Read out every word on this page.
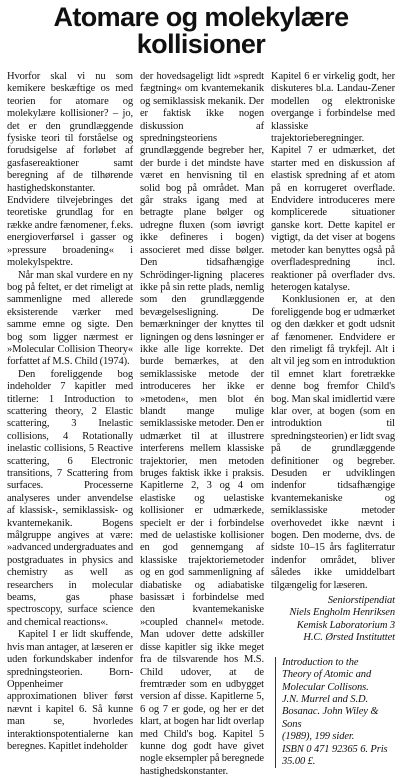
Atomare og molekylære kollisioner

Hvorfor skal vi nu som kemikere beskæftige os med teorien for atomare og molekylære kollisioner? – jo, det er den grundlæggende fysiske teori til forståelse og forudsigelse af forløbet af gasfasereaktioner samt beregning af de tilhørende hastighedskonstanter. Endvidere tilvejebringes det teoretiske grundlag for en række andre fænomener, f.eks. energioverførsel i gasser og »pressure broadening« i molekylspektre.

Når man skal vurdere en ny bog på feltet, er det rimeligt at sammenligne med allerede eksisterende værker med samme emne og sigte. Den bog som ligger nærmest er »Molecular Collision Theory« forfattet af M.S. Child (1974).

Den foreliggende bog indeholder 7 kapitler med titlerne: 1 Introduction to scattering theory, 2 Elastic scattering, 3 Inelastic collisions, 4 Rotationally inelastic collisions, 5 Reactive scattering, 6 Electronic transitions, 7 Scattering from surfaces. Processerne analyseres under anvendelse af klassisk-, semiklassisk- og kvantemekanik. Bogens målgruppe angives at være: »advanced undergraduates and postgraduates in physics and chemistry as well as researchers in molecular beams, gas phase spectroscopy, surface science and chemical reactions«.

Kapitel I er lidt skuffende, hvis man antager, at læseren er uden forkundskaber indenfor spredningsteorien. Born-Oppenheimer approximationen bliver først nævnt i kapitel 6. Så kunne man se, hvorledes interaktionspotentialerne kan beregnes. Kapitlet indeholder

der hovedsageligt lidt »spredt fægtning« om kvantemekanik og semiklassisk mekanik. Der er faktisk ikke nogen diskussion af spredningsteoriens grundlæggende begreber her, der burde i det mindste have været en henvisning til en solid bog på området. Man går straks igang med at betragte plane bølger og udregne fluxen (som iøvrigt ikke defineres i bogen) associeret med disse bølger. Den tidsafhængige Schrödinger-ligning placeres ikke på sin rette plads, nemlig som den grundlæggende bevægelsesligning. De bemærkninger der knyttes til ligningen og dens løsninger er ikke alle lige korrekte. Det burde bemærkes, at den semiklassiske metode der introduceres her ikke er »metoden«, men blot én blandt mange mulige semiklassiske metoder. Den er udmærket til at illustrere interferens mellem klassiske trajektorier, men metoden bruges faktisk ikke i praksis. Kapitlerne 2, 3 og 4 om elastiske og uelastiske kollisioner er udmærkede, specielt er der i forbindelse med de uelastiske kollisioner en god gennemgang af klassiske trajektoriemetoder og en god sammenligning af diabatiske og adiabatiske basissæt i forbindelse med den kvantemekaniske »coupled channel« metode. Man udover dette adskiller disse kapitler sig ikke meget fra de tilsvarende hos M.S. Child udover, at de fremtræder som en udbygget version af disse. Kapitlerne 5, 6 og 7 er gode, og her er det klart, at bogen har lidt overlap med Child's bog. Kapitel 5 kunne dog godt have givet nogle eksempler på beregnede hastighedskonstanter.

Kapitel 6 er virkelig godt, her diskuteres bl.a. Landau-Zener modellen og elektroniske overgange i forbindelse med klassiske trajektorieberegninger. Kapitel 7 er udmærket, det starter med en diskussion af elastisk spredning af et atom på en korrugeret overflade. Endvidere introduceres mere komplicerede situationer ganske kort. Dette kapitel er vigtigt, da det viser at bogens metoder kan benyttes også på overfladespredning incl. reaktioner på overflader dvs. heterogen katalyse.

Konklusionen er, at den foreliggende bog er udmærket og den dækker et godt udsnit af fænomener. Endvidere er den rimeligt få trykfejl. Alt i alt vil jeg som en introduktion til emnet klart foretrække denne bog fremfor Child's bog. Man skal imidlertid være klar over, at bogen (som en introduktion til spredningsteorien) er lidt svag på de grundlæggende definitioner og begreber. Desuden er udviklingen indenfor tidsafhængige kvantemekaniske og semiklassiske metoder overhovedet ikke nævnt i bogen. Den moderne, dvs. de sidste 10–15 års fagliterratur indenfor området, bliver således ikke umiddelbart tilgængelig for læseren.

Seniorstipendiat
Niels Engholm Henriksen
Kemisk Laboratorium 3
H.C. Ørsted Instituttet
Introduction to the
Theory of Atomic and
Molecular Collisons.
J.N. Murrel and S.D. Bosanac. John Wiley & Sons
(1989), 199 sider.
ISBN 0 471 92365 6. Pris
35.00 £.
